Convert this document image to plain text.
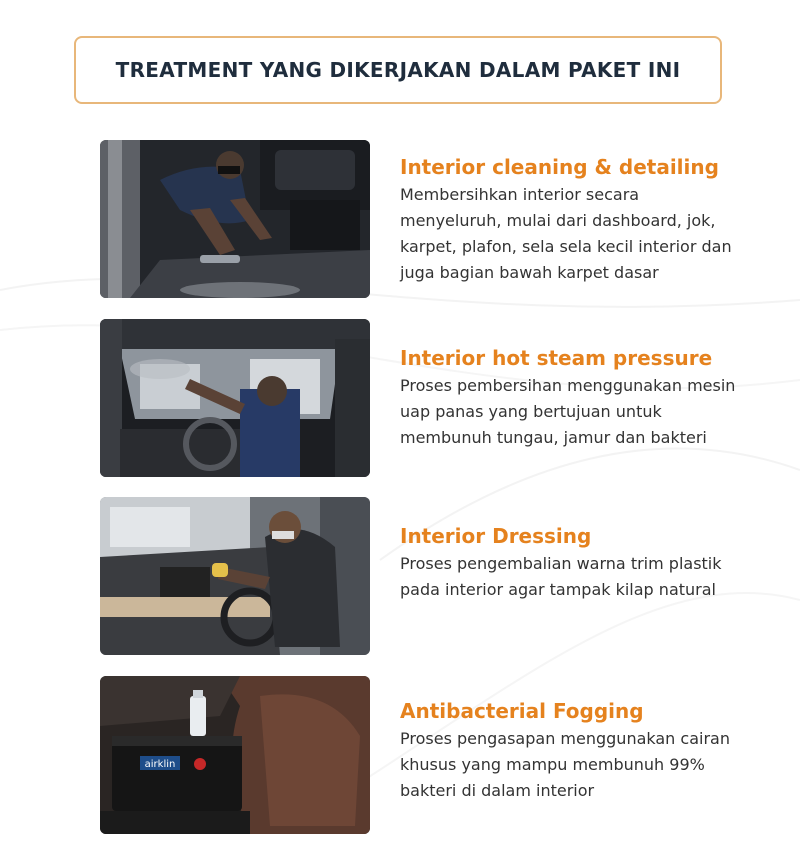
TREATMENT YANG DIKERJAKAN DALAM PAKET INI
Interior cleaning & detailing

Membersihkan interior secara menyeluruh, mulai dari dashboard, jok, karpet, plafon, sela sela kecil interior dan juga bagian bawah karpet dasar

Interior hot steam pressure

Proses pembersihan menggunakan mesin uap panas yang bertujuan untuk membunuh tungau, jamur dan bakteri

Interior Dressing

Proses pengembalian warna trim plastik pada interior agar tampak kilap natural

airklin
Antibacterial Fogging

Proses pengasapan menggunakan cairan khusus yang mampu membunuh 99% bakteri di dalam interior
